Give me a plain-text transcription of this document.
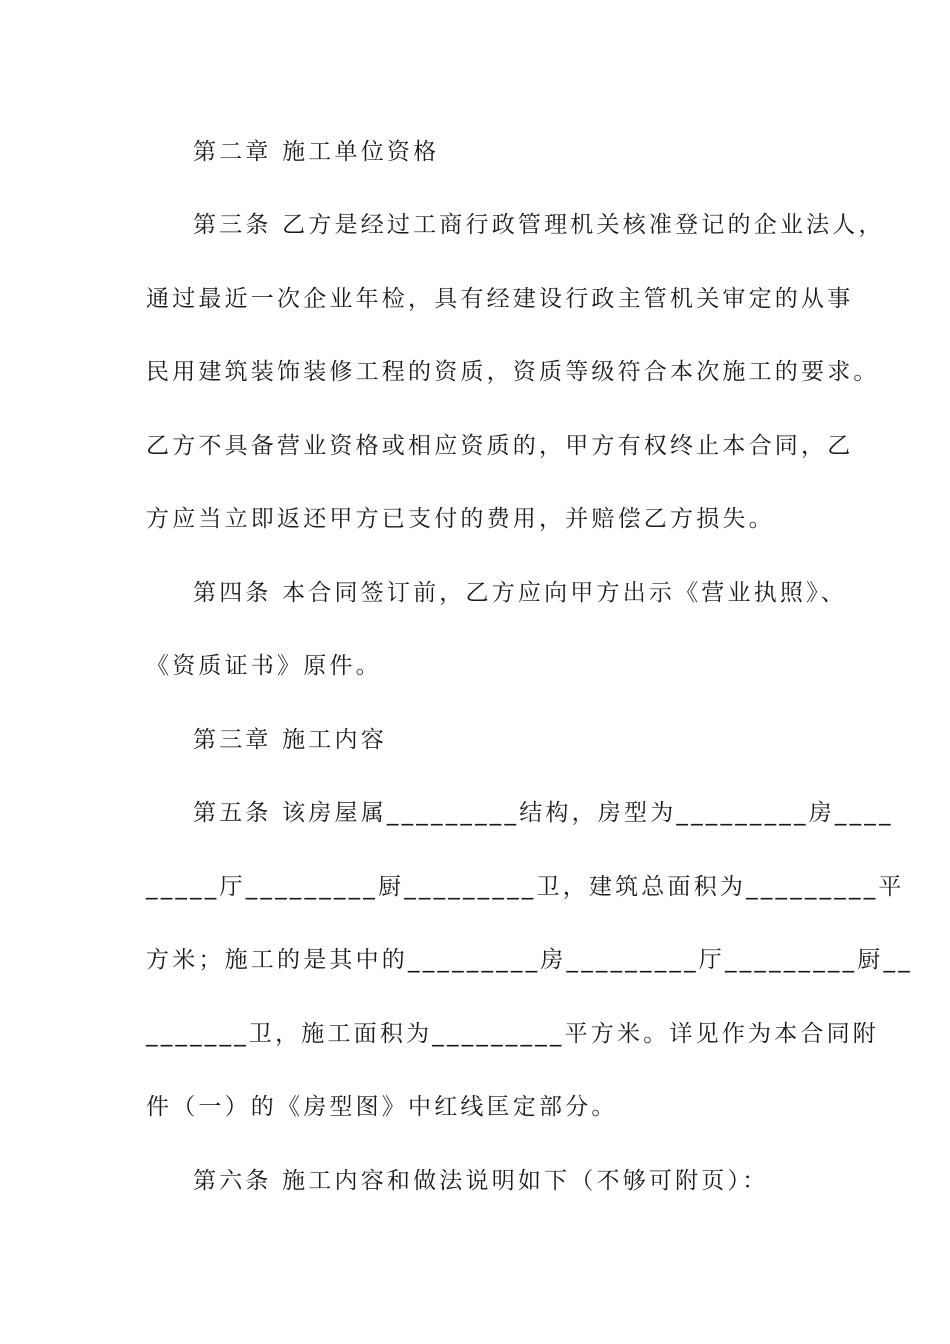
第二章 施工单位资格
第三条 乙方是经过工商行政管理机关核准登记的企业法人，
通过最近一次企业年检，具有经建设行政主管机关审定的从事
民用建筑装饰装修工程的资质，资质等级符合本次施工的要求。
乙方不具备营业资格或相应资质的，甲方有权终止本合同，乙
方应当立即返还甲方已支付的费用，并赔偿乙方损失。
第四条 本合同签订前，乙方应向甲方出示《营业执照》、
《资质证书》原件。
第三章 施工内容
第五条 该房屋属_________结构，房型为_________房____
_____厅_________厨_________卫，建筑总面积为_________平
方米；施工的是其中的_________房_________厅_________厨__
_______卫，施工面积为_________平方米。详见作为本合同附
件（一）的《房型图》中红线匡定部分。
第六条 施工内容和做法说明如下（不够可附页）：
